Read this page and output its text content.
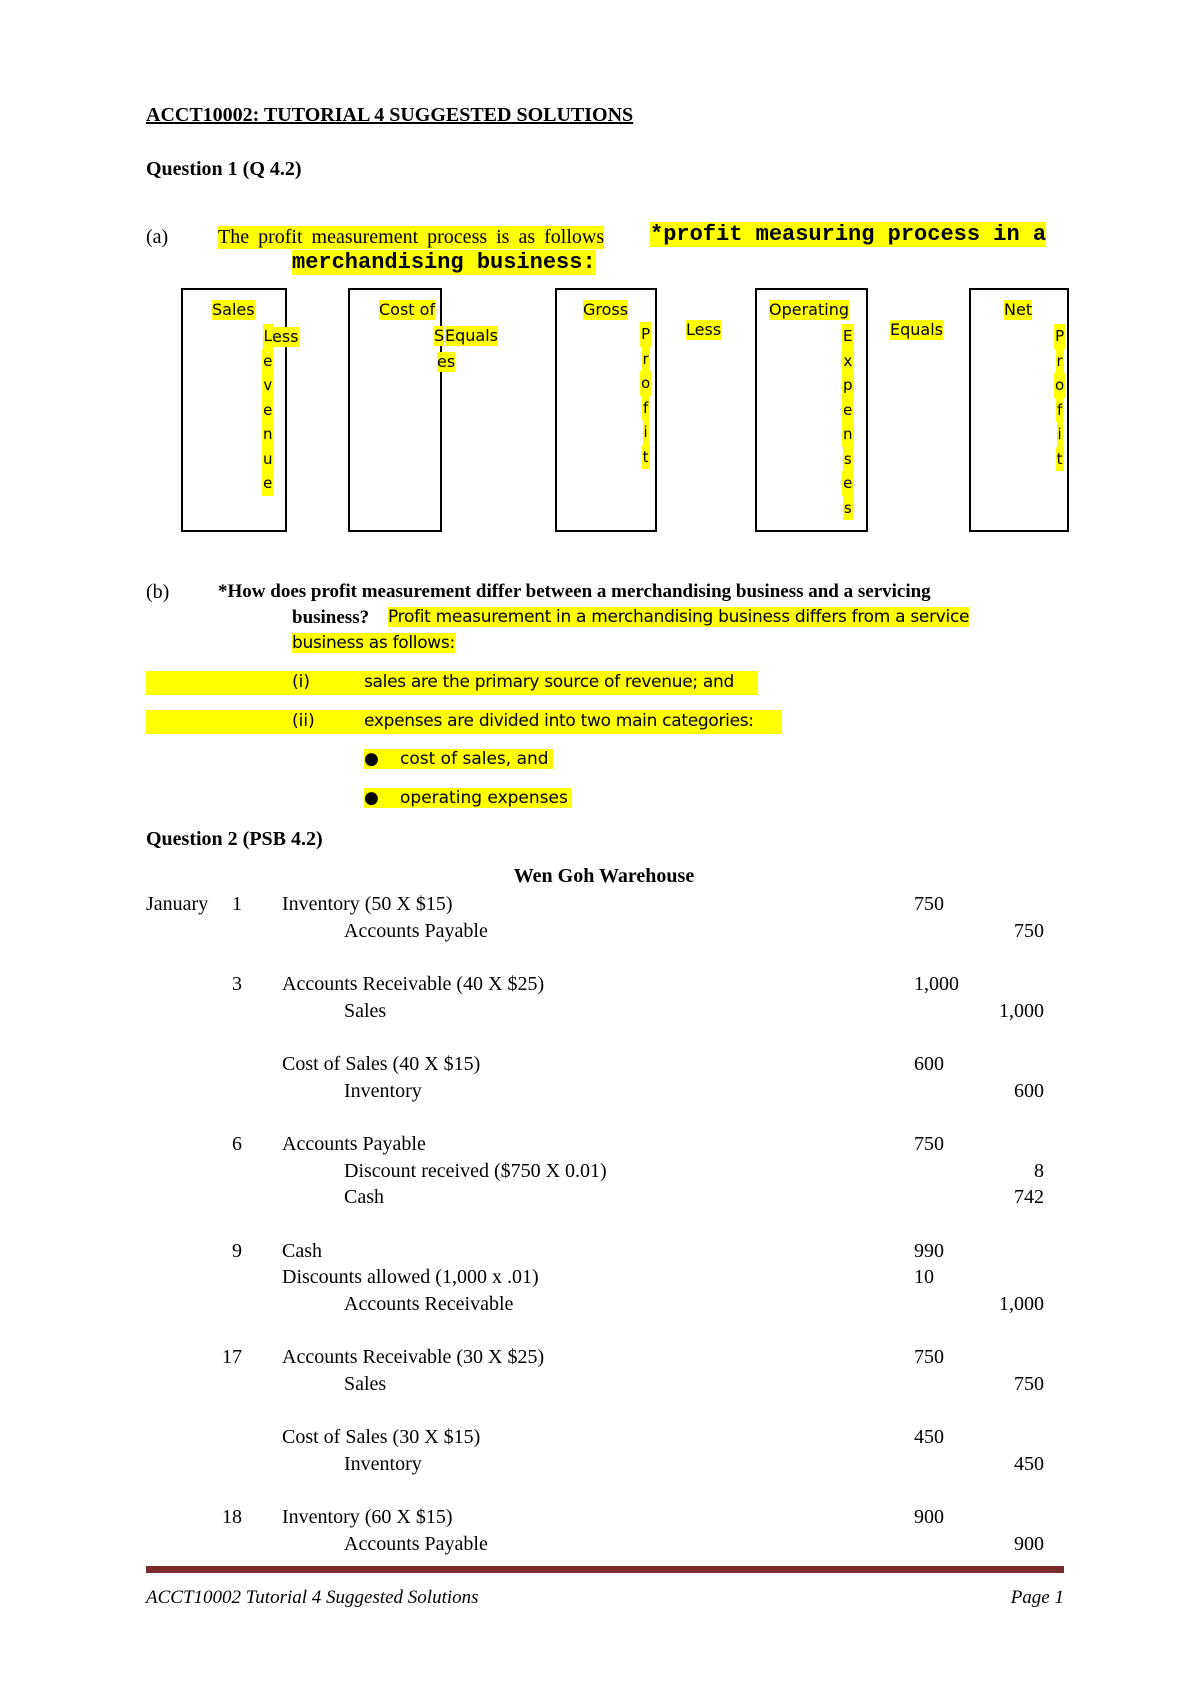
ACCT10002: TUTORIAL 4 SUGGESTED SOLUTIONS
Question 1 (Q 4.2)
(a) The profit measurement process is as follows *profit measuring process in a
merchandising business:
Sales
L
e
v
e
n
u
e
ess
Cost of
S Equals
es
Gross
P
r
o
f
i
t
Less
Operating
E
x
p
e
n
s
e
s
Equals
Net
P
r
o
f
i
t
(b)	*How does profit measurement differ between a merchandising business and a servicing
business? Profit measurement in a merchandising business differs from a service
business as follows:
(i)	sales are the primary source of revenue; and
(ii)	expenses are divided into two main categories:
● cost of sales, and
● operating expenses
Question 2 (PSB 4.2)
Wen Goh Warehouse
January	1 Inventory (50 X $15)	750
Accounts Payable	750
3 Accounts Receivable (40 X $25)	1,000
Sales	1,000
Cost of Sales (40 X $15)	600
Inventory	600
6 Accounts Payable	750
Discount received ($750 X 0.01)	8
Cash	742
9 Cash	990
Discounts allowed (1,000 x .01)	10
Accounts Receivable	1,000
17 Accounts Receivable (30 X $25)	750
Sales	750
Cost of Sales (30 X $15)	450
Inventory	450
18 Inventory (60 X $15)	900
Accounts Payable	900
ACCT10002 Tutorial 4 Suggested Solutions	Page 1
